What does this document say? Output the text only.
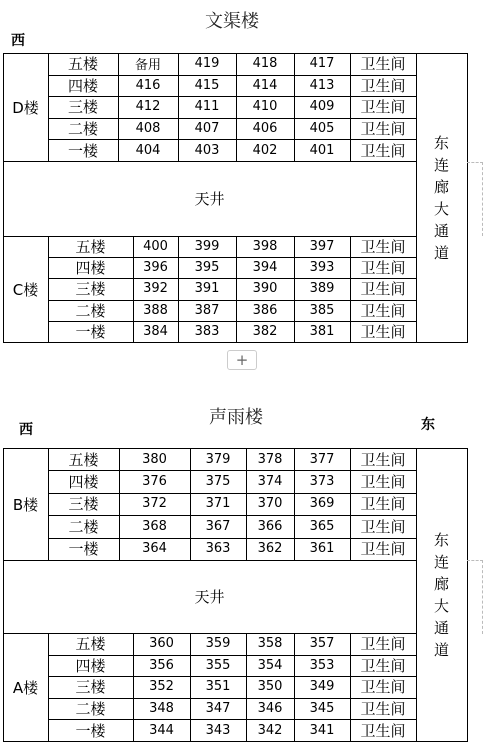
文渠楼
西
声雨楼
西	东
D楼
五楼	备用	419	418	417	卫生间
四楼	416	415	414	413	卫生间
三楼	412	411	410	409	卫生间
二楼	408	407	406	405	卫生间
一楼	404	403	402	401	卫生间
C楼
五楼	400	399	398	397	卫生间
四楼	396	395	394	393	卫生间
三楼	392	391	390	389	卫生间
二楼	388	387	386	385	卫生间
一楼	384	383	382	381	卫生间
天井
东
连
廊
大
通
道
B楼
五楼	380	379	378	377	卫生间
四楼	376	375	374	373	卫生间
三楼	372	371	370	369	卫生间
二楼	368	367	366	365	卫生间
一楼	364	363	362	361	卫生间
A楼
五楼	360	359	358	357	卫生间
四楼	356	355	354	353	卫生间
三楼	352	351	350	349	卫生间
二楼	348	347	346	345	卫生间
一楼	344	343	342	341	卫生间
天井
东
连
廊
大
通
道
+
